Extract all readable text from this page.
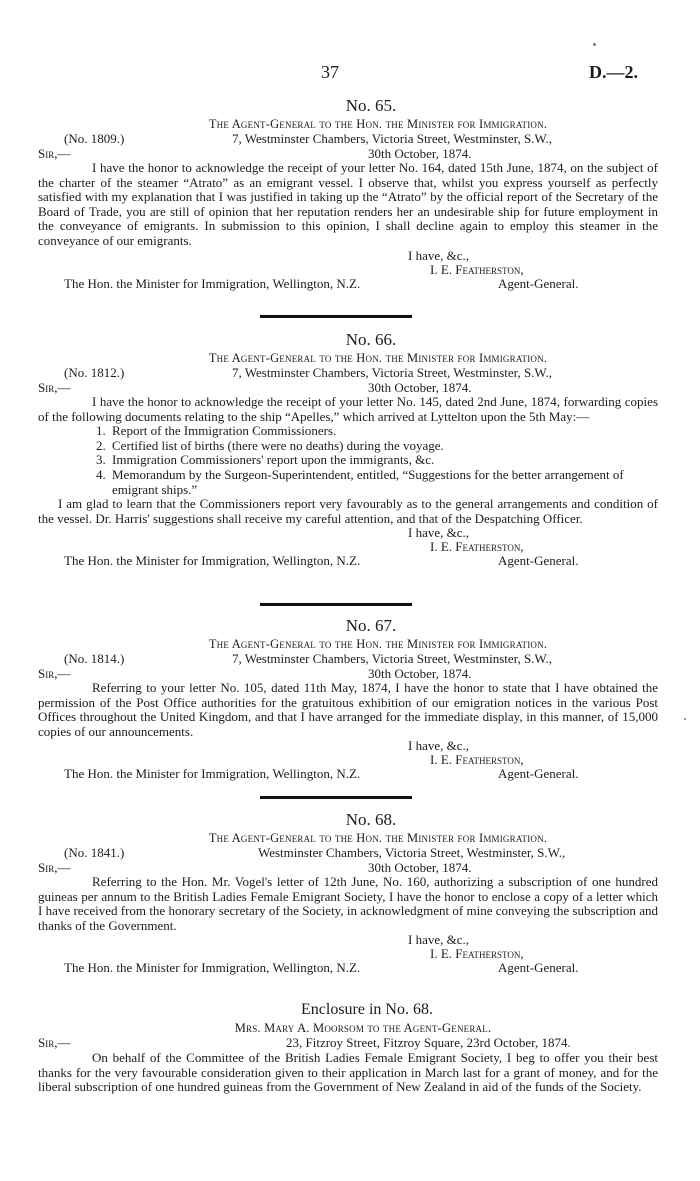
37	D.—2.
No. 65.
The Agent-General to the Hon. the Minister for Immigration.
(No. 1809.)	7, Westminster Chambers, Victoria Street, Westminster, S.W.,
Sir,—	30th October, 1874.

I have the honor to acknowledge the receipt of your letter No. 164, dated 15th June, 1874, on the subject of the charter of the steamer “Atrato” as an emigrant vessel. I observe that, whilst you express yourself as perfectly satisfied with my explanation that I was justified in taking up the “Atrato” by the official report of the Secretary of the Board of Trade, you are still of opinion that her reputation renders her an undesirable ship for future employment in the conveyance of emigrants. In submission to this opinion, I shall decline again to employ this steamer in the conveyance of our emigrants.

I have, &c.,
I. E. Featherston,
The Hon. the Minister for Immigration, Wellington, N.Z.	Agent-General.
No. 66.
The Agent-General to the Hon. the Minister for Immigration.
(No. 1812.)	7, Westminster Chambers, Victoria Street, Westminster, S.W.,
Sir,—	30th October, 1874.

I have the honor to acknowledge the receipt of your letter No. 145, dated 2nd June, 1874, forwarding copies of the following documents relating to the ship “Apelles,” which arrived at Lyttelton upon the 5th May:—

1. Report of the Immigration Commissioners.
2. Certified list of births (there were no deaths) during the voyage.
3. Immigration Commissioners' report upon the immigrants, &c.
4. Memorandum by the Surgeon-Superintendent, entitled, “Suggestions for the better arrangement of emigrant ships.”

I am glad to learn that the Commissioners report very favourably as to the general arrangements and condition of the vessel. Dr. Harris' suggestions shall receive my careful attention, and that of the Despatching Officer.

I have, &c.,
I. E. Featherston,
The Hon. the Minister for Immigration, Wellington, N.Z.	Agent-General.
No. 67.
The Agent-General to the Hon. the Minister for Immigration.
(No. 1814.)	7, Westminster Chambers, Victoria Street, Westminster, S.W.,
Sir,—	30th October, 1874.

Referring to your letter No. 105, dated 11th May, 1874, I have the honor to state that I have obtained the permission of the Post Office authorities for the gratuitous exhibition of our emigration notices in the various Post Offices throughout the United Kingdom, and that I have arranged for the immediate display, in this manner, of 15,000 copies of our announcements.

I have, &c.,
I. E. Featherston,
The Hon. the Minister for Immigration, Wellington, N.Z.	Agent-General.
No. 68.
The Agent-General to the Hon. the Minister for Immigration.
(No. 1841.)	Westminster Chambers, Victoria Street, Westminster, S.W.,
Sir,—	30th October, 1874.

Referring to the Hon. Mr. Vogel's letter of 12th June, No. 160, authorizing a subscription of one hundred guineas per annum to the British Ladies Female Emigrant Society, I have the honor to enclose a copy of a letter which I have received from the honorary secretary of the Society, in acknowledgment of mine conveying the subscription and thanks of the Government.

I have, &c.,
I. E. Featherston,
The Hon. the Minister for Immigration, Wellington, N.Z.	Agent-General.
Enclosure in No. 68.
Mrs. Mary A. Moorsom to the Agent-General.
Sir,—	23, Fitzroy Street, Fitzroy Square, 23rd October, 1874.

On behalf of the Committee of the British Ladies Female Emigrant Society, I beg to offer you their best thanks for the very favourable consideration given to their application in March last for a grant of money, and for the liberal subscription of one hundred guineas from the Government of New Zealand in aid of the funds of the Society.
